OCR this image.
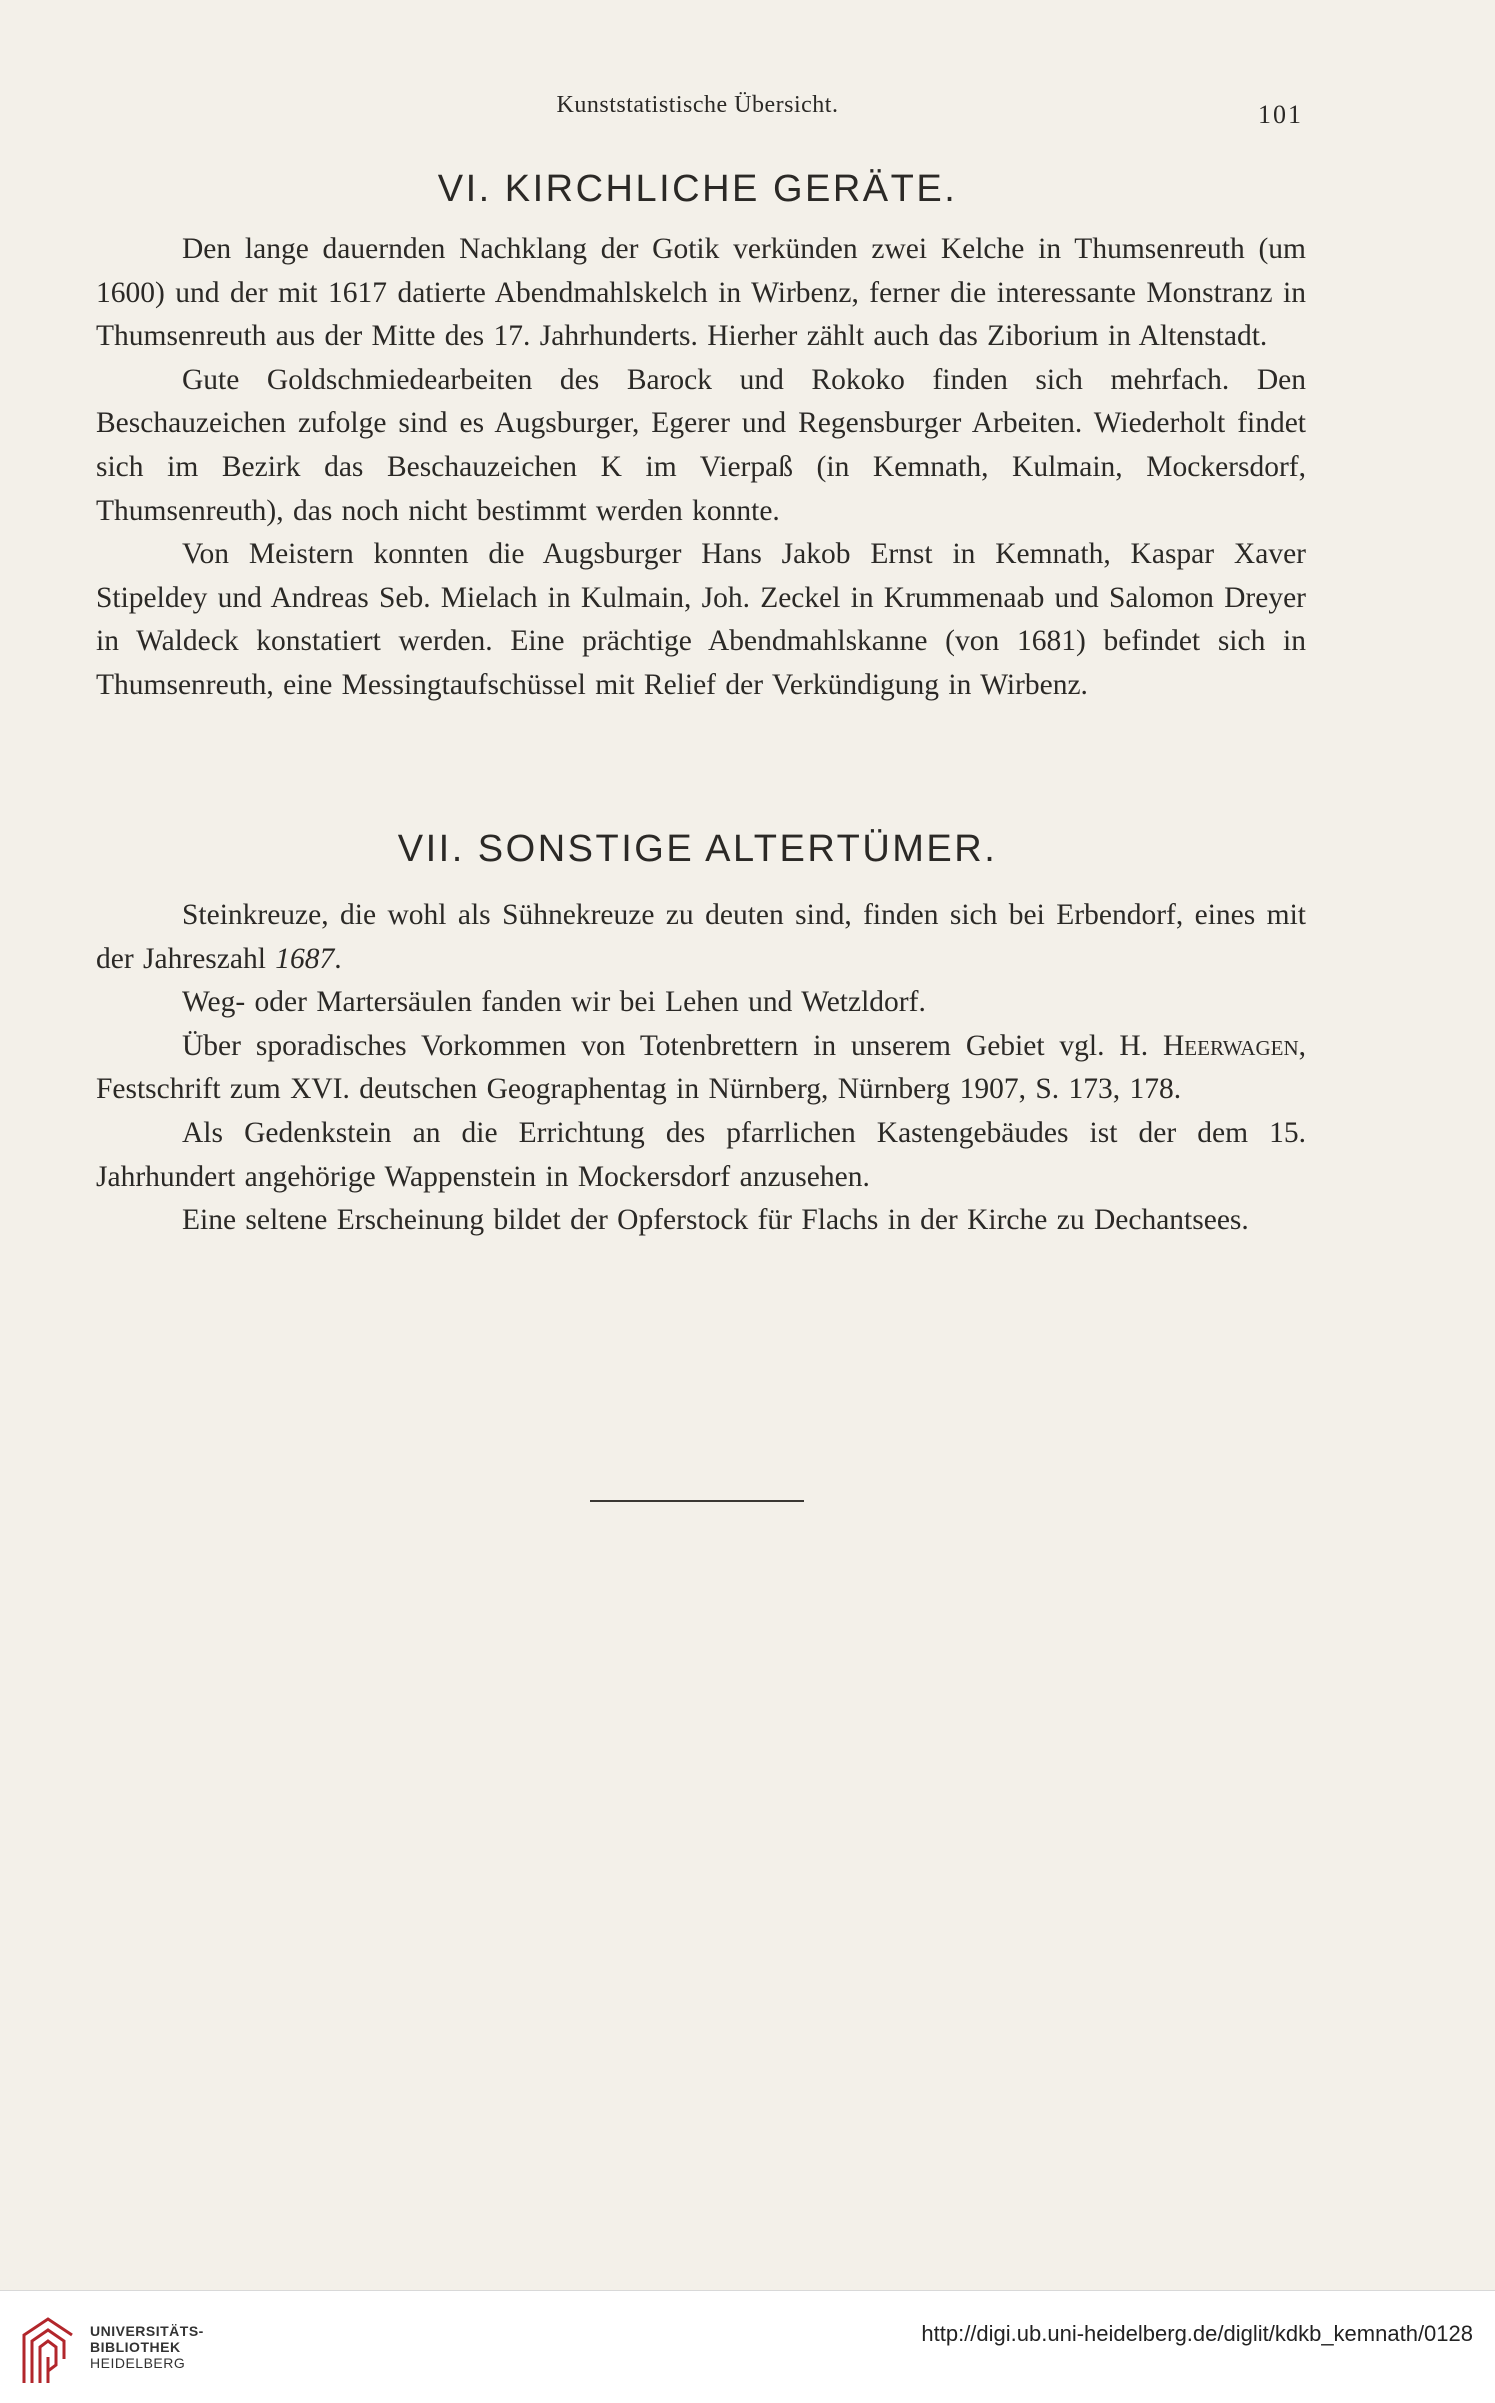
Kunststatistische Übersicht.	101
VI. KIRCHLICHE GERÄTE.

Den lange dauernden Nachklang der Gotik verkünden zwei Kelche in Thumsenreuth (um 1600) und der mit 1617 datierte Abendmahlskelch in Wirbenz, ferner die interessante Monstranz in Thumsenreuth aus der Mitte des 17. Jahrhunderts. Hierher zählt auch das Ziborium in Altenstadt.

Gute Goldschmiedearbeiten des Barock und Rokoko finden sich mehrfach. Den Beschauzeichen zufolge sind es Augsburger, Egerer und Regensburger Arbeiten. Wiederholt findet sich im Bezirk das Beschauzeichen K im Vierpaß (in Kemnath, Kulmain, Mockersdorf, Thumsenreuth), das noch nicht bestimmt werden konnte.

Von Meistern konnten die Augsburger Hans Jakob Ernst in Kemnath, Kaspar Xaver Stipeldey und Andreas Seb. Mielach in Kulmain, Joh. Zeckel in Krummenaab und Salomon Dreyer in Waldeck konstatiert werden. Eine prächtige Abendmahlskanne (von 1681) befindet sich in Thumsenreuth, eine Messingtaufschüssel mit Relief der Verkündigung in Wirbenz.

VII. SONSTIGE ALTERTÜMER.

Steinkreuze, die wohl als Sühnekreuze zu deuten sind, finden sich bei Erbendorf, eines mit der Jahreszahl 1687.

Weg- oder Martersäulen fanden wir bei Lehen und Wetzldorf.

Über sporadisches Vorkommen von Totenbrettern in unserem Gebiet vgl. H. Heerwagen, Festschrift zum XVI. deutschen Geographentag in Nürnberg, Nürnberg 1907, S. 173, 178.

Als Gedenkstein an die Errichtung des pfarrlichen Kastengebäudes ist der dem 15. Jahrhundert angehörige Wappenstein in Mockersdorf anzusehen.

Eine seltene Erscheinung bildet der Opferstock für Flachs in der Kirche zu Dechantsees.

UNIVERSITÄTS-
BIBLIOTHEK
HEIDELBERG
http://digi.ub.uni-heidelberg.de/diglit/kdkb_kemnath/0128
